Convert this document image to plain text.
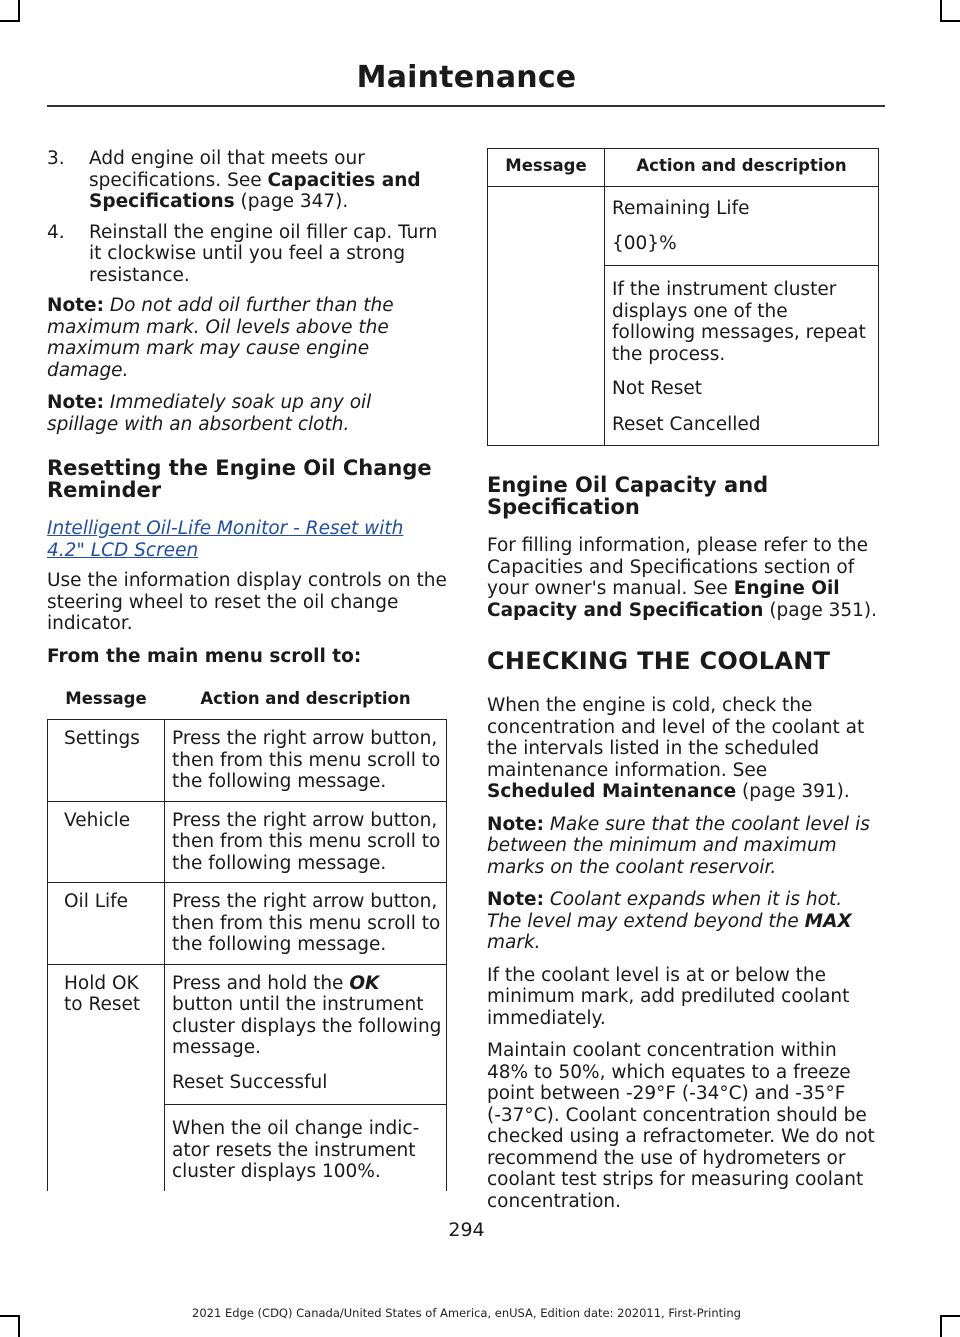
Maintenance
3.	Add engine oil that meets our specifications. See Capacities and Specifications (page 347).
4.	Reinstall the engine oil filler cap. Turn it clockwise until you feel a strong resistance.

Note: Do not add oil further than the maximum mark. Oil levels above the maximum mark may cause engine damage.

Note: Immediately soak up any oil spillage with an absorbent cloth.

Resetting the Engine Oil Change Reminder
Intelligent Oil-Life Monitor - Reset with 4.2" LCD Screen

Use the information display controls on the steering wheel to reset the oil change indicator.

From the main menu scroll to:

Message	Action and description
Settings	Press the right arrow button, then from this menu scroll to the following message.
Vehicle	Press the right arrow button, then from this menu scroll to the following message.
Oil Life	Press the right arrow button, then from this menu scroll to the following message.
Hold OK to Reset	Press and hold the OK button until the instrument cluster displays the following message.

Reset Successful

When the oil change indic-ator resets the instrument cluster displays 100%.

Message	Action and description

	Remaining Life

{00}%

If the instrument cluster displays one of the following messages, repeat the process.

Not Reset

Reset Cancelled

Engine Oil Capacity and Specification

For filling information, please refer to the Capacities and Specifications section of your owner's manual. See Engine Oil Capacity and Specification (page 351).

CHECKING THE COOLANT

When the engine is cold, check the concentration and level of the coolant at the intervals listed in the scheduled maintenance information. See Scheduled Maintenance (page 391).

Note: Make sure that the coolant level is between the minimum and maximum marks on the coolant reservoir.

Note: Coolant expands when it is hot. The level may extend beyond the MAX mark.

If the coolant level is at or below the minimum mark, add prediluted coolant immediately.

Maintain coolant concentration within 48% to 50%, which equates to a freeze point between -29°F (-34°C) and -35°F (-37°C). Coolant concentration should be checked using a refractometer. We do not recommend the use of hydrometers or coolant test strips for measuring coolant concentration.

294
2021 Edge (CDQ) Canada/United States of America, enUSA, Edition date: 202011, First-Printing
